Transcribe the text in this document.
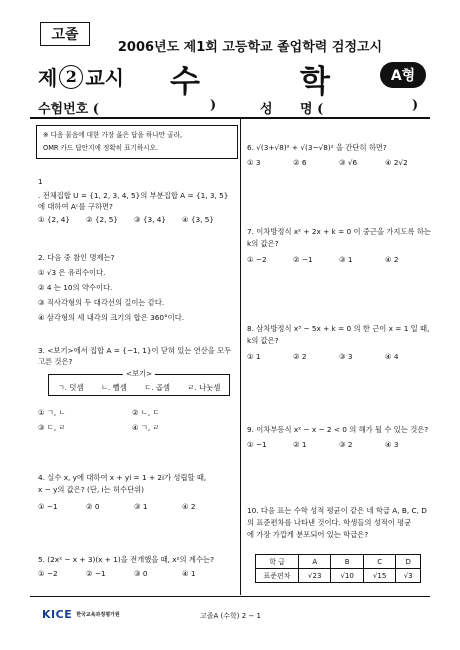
고졸
2006년도 제1회 고등학교 졸업학력 검정고시
제 2 교시 수	학	A형
수험번호 (	)	성 명 (	)
※ 다음 물음에 대한 가장 옳은 답을 하나만 골라,
OMR 카드 답안지에 정확히 표기하시오.
1
. 전체집합 U = {1, 2, 3, 4, 5}의 부분집합 A = {1, 3, 5}
에 대하여 Aᶜ를 구하면?
① {2, 4}	② {2, 5}	③ {3, 4}	④ {3, 5}
2. 다음 중 참인 명제는?
① √3 은 유리수이다.
② 4 는 10의 약수이다.
③ 직사각형의 두 대각선의 길이는 같다.
④ 삼각형의 세 내각의 크기의 합은 360°이다.
3. <보기>에서 집합 A = {−1, 1}이 닫혀 있는 연산을 모두
고른 것은?
<보기>
ㄱ. 덧셈 ㄴ. 뺄셈 ㄷ. 곱셈 ㄹ. 나눗셈
① ㄱ, ㄴ	② ㄴ, ㄷ
③ ㄷ, ㄹ	④ ㄱ, ㄹ
4. 실수 x, y에 대하여 x + yi = 1 + 2i가 성립할 때,
x − y의 값은? (단, i는 허수단위)
① −1	② 0	③ 1	④ 2
5. (2x² − x + 3)(x + 1)을 전개했을 때, x²의 계수는?
① −2	② −1	③ 0	④ 1
6. √(3+√8)² + √(3−√8)² 을 간단히 하면?
① 3	② 6	③ √6	④ 2√2
7. 이차방정식 x² + 2x + k = 0 이 중근을 가지도록 하는
k의 값은?
① −2	② −1	③ 1	④ 2
8. 삼차방정식 x³ − 5x + k = 0 의 한 근이 x = 1 일 때,
k의 값은?
① 1	② 2	③ 3	④ 4
9. 이차부등식 x² − x − 2 < 0 의 해가 될 수 있는 것은?
① −1	② 1	③ 2	④ 3
10. 다음 표는 수학 성적 평균이 같은 네 학급 A, B, C, D
의 표준편차를 나타낸 것이다. 학생들의 성적이 평균
에 가장 가깝게 분포되어 있는 학급은?
학 급	A	B	C	D
표준편차	√23	√10	√15	√3
KICE 한국교육과정평가원	고졸A (수학) 2 − 1
